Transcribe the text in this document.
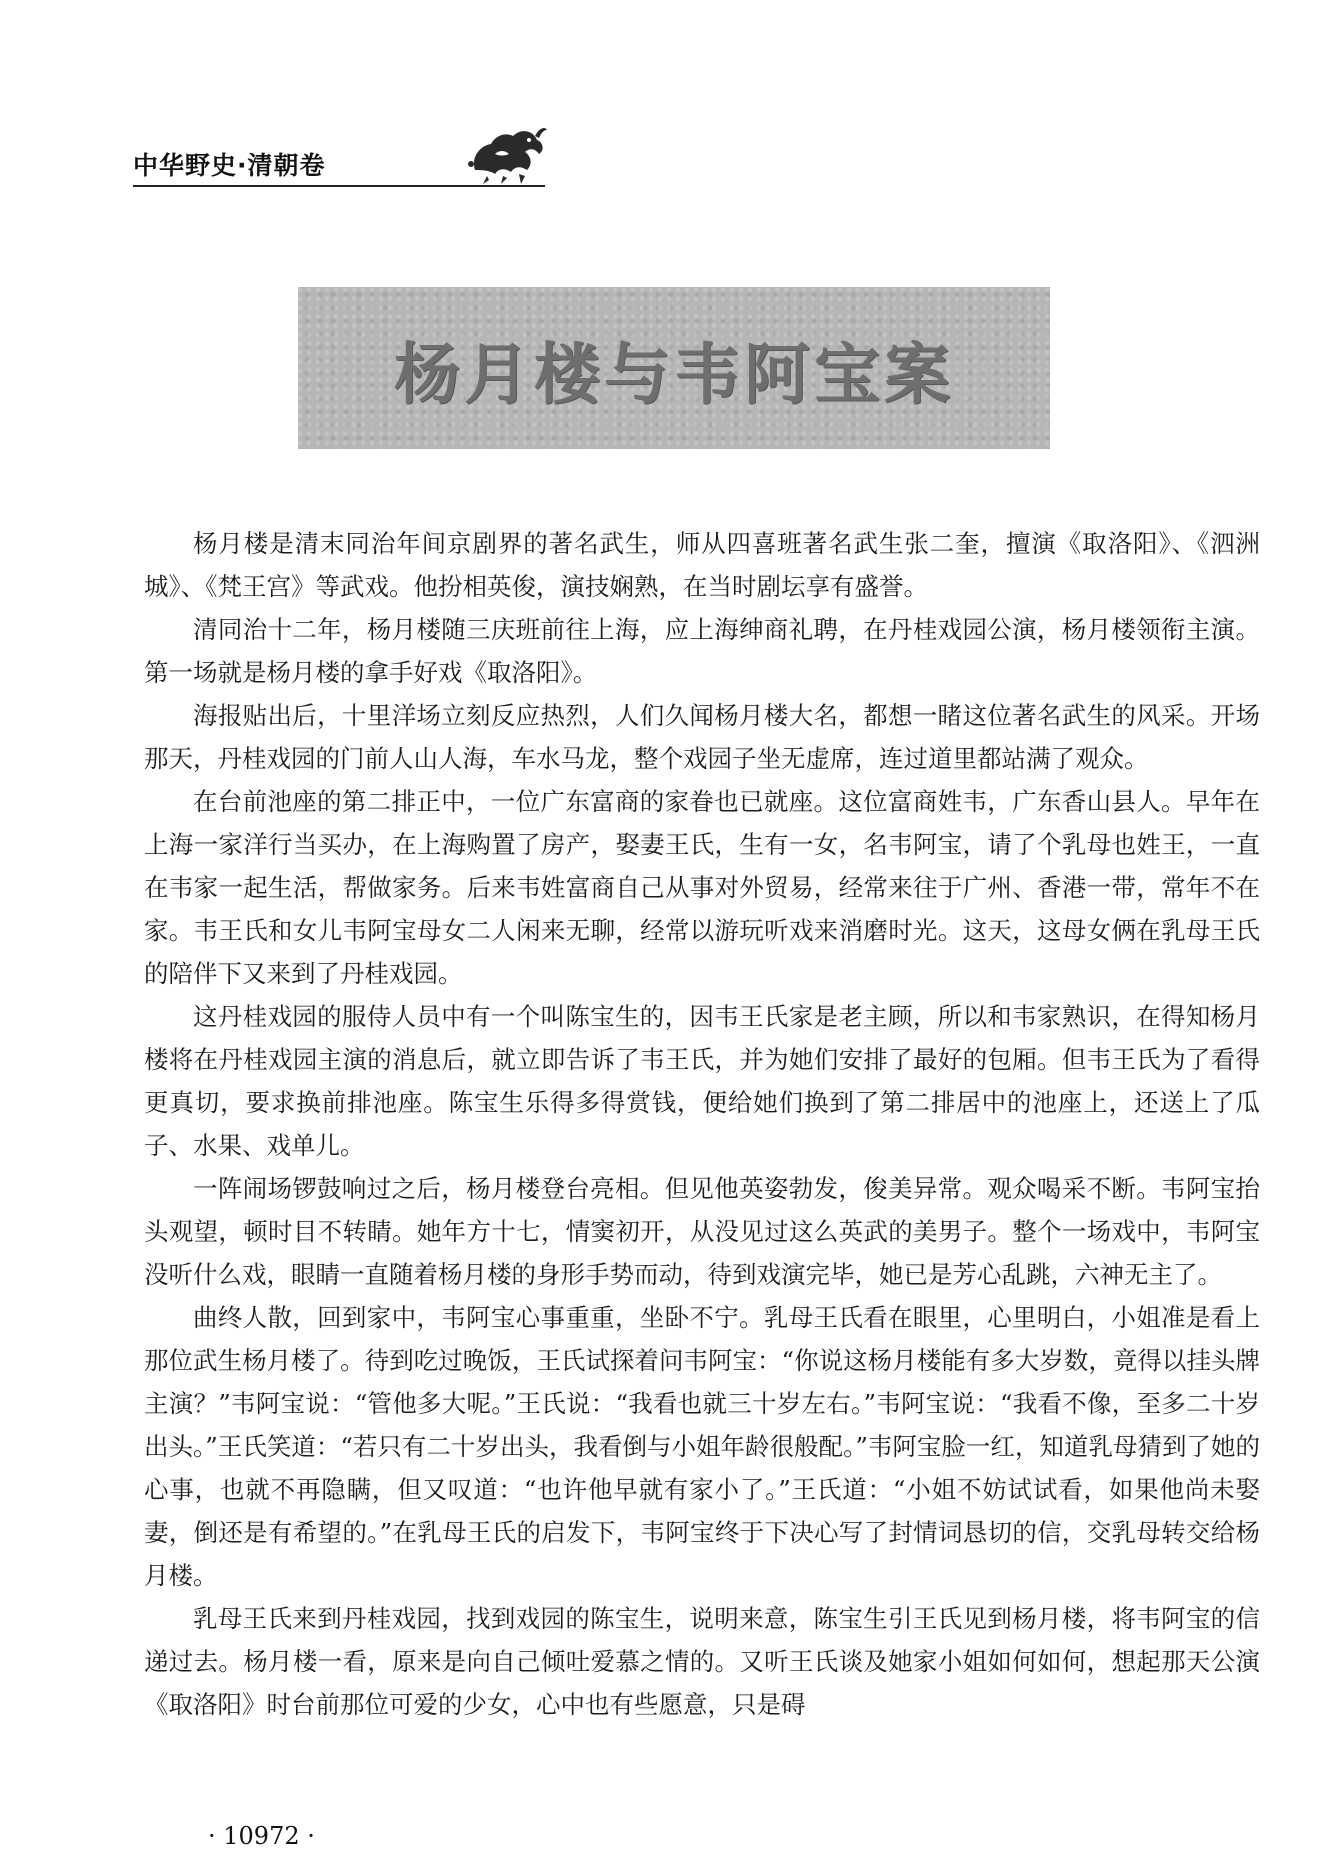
中华野史·清朝卷
杨月楼与韦阿宝案

杨月楼是清末同治年间京剧界的著名武生，师从四喜班著名武生张二奎，擅演《取洛阳》、《泗洲城》、《梵王宫》等武戏。他扮相英俊，演技娴熟，在当时剧坛享有盛誉。

清同治十二年，杨月楼随三庆班前往上海，应上海绅商礼聘，在丹桂戏园公演，杨月楼领衔主演。第一场就是杨月楼的拿手好戏《取洛阳》。

海报贴出后，十里洋场立刻反应热烈，人们久闻杨月楼大名，都想一睹这位著名武生的风采。开场那天，丹桂戏园的门前人山人海，车水马龙，整个戏园子坐无虚席，连过道里都站满了观众。

在台前池座的第二排正中，一位广东富商的家眷也已就座。这位富商姓韦，广东香山县人。早年在上海一家洋行当买办，在上海购置了房产，娶妻王氏，生有一女，名韦阿宝，请了个乳母也姓王，一直在韦家一起生活，帮做家务。后来韦姓富商自己从事对外贸易，经常来往于广州、香港一带，常年不在家。韦王氏和女儿韦阿宝母女二人闲来无聊，经常以游玩听戏来消磨时光。这天，这母女俩在乳母王氏的陪伴下又来到了丹桂戏园。

这丹桂戏园的服侍人员中有一个叫陈宝生的，因韦王氏家是老主顾，所以和韦家熟识，在得知杨月楼将在丹桂戏园主演的消息后，就立即告诉了韦王氏，并为她们安排了最好的包厢。但韦王氏为了看得更真切，要求换前排池座。陈宝生乐得多得赏钱，便给她们换到了第二排居中的池座上，还送上了瓜子、水果、戏单儿。

一阵闹场锣鼓响过之后，杨月楼登台亮相。但见他英姿勃发，俊美异常。观众喝采不断。韦阿宝抬头观望，顿时目不转睛。她年方十七，情窦初开，从没见过这么英武的美男子。整个一场戏中，韦阿宝没听什么戏，眼睛一直随着杨月楼的身形手势而动，待到戏演完毕，她已是芳心乱跳，六神无主了。

曲终人散，回到家中，韦阿宝心事重重，坐卧不宁。乳母王氏看在眼里，心里明白，小姐准是看上那位武生杨月楼了。待到吃过晚饭，王氏试探着问韦阿宝：“你说这杨月楼能有多大岁数，竟得以挂头牌主演？”韦阿宝说：“管他多大呢。”王氏说：“我看也就三十岁左右。”韦阿宝说：“我看不像，至多二十岁出头。”王氏笑道：“若只有二十岁出头，我看倒与小姐年龄很般配。”韦阿宝脸一红，知道乳母猜到了她的心事，也就不再隐瞒，但又叹道：“也许他早就有家小了。”王氏道：“小姐不妨试试看，如果他尚未娶妻，倒还是有希望的。”在乳母王氏的启发下，韦阿宝终于下决心写了封情词恳切的信，交乳母转交给杨月楼。

乳母王氏来到丹桂戏园，找到戏园的陈宝生，说明来意，陈宝生引王氏见到杨月楼，将韦阿宝的信递过去。杨月楼一看，原来是向自己倾吐爱慕之情的。又听王氏谈及她家小姐如何如何，想起那天公演《取洛阳》时台前那位可爱的少女，心中也有些愿意，只是碍

· 10972 ·
